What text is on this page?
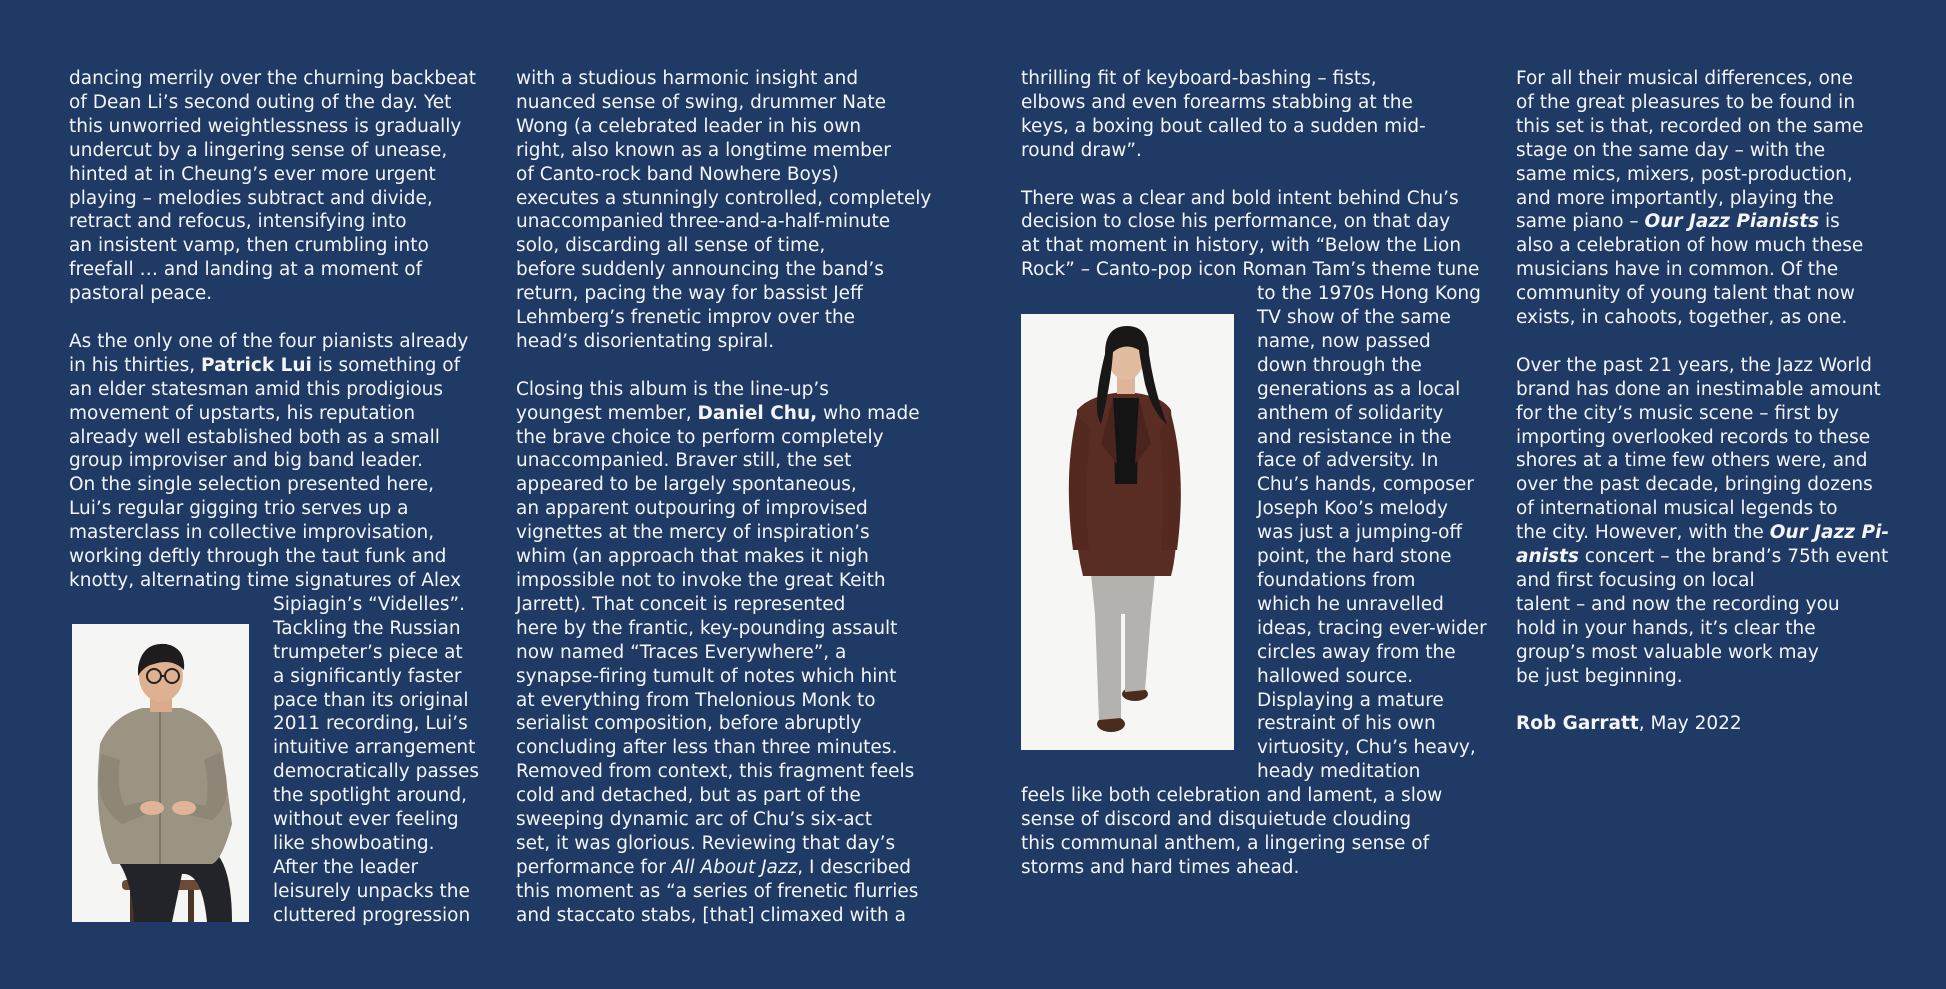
dancing merrily over the churning backbeat
of Dean Li’s second outing of the day. Yet
this unworried weightlessness is gradually
undercut by a lingering sense of unease,
hinted at in Cheung’s ever more urgent
playing – melodies subtract and divide,
retract and refocus, intensifying into
an insistent vamp, then crumbling into
freefall … and landing at a moment of
pastoral peace.

As the only one of the four pianists already
in his thirties, Patrick Lui is something of
an elder statesman amid this prodigious
movement of upstarts, his reputation
already well established both as a small
group improviser and big band leader.
On the single selection presented here,
Lui’s regular gigging trio serves up a
masterclass in collective improvisation,
working deftly through the taut funk and
knotty, alternating time signatures of Alex

Sipiagin’s “Videlles”.
Tackling the Russian
trumpeter’s piece at
a significantly faster
pace than its original
2011 recording, Lui’s
intuitive arrangement
democratically passes
the spotlight around,
without ever feeling
like showboating.
After the leader
leisurely unpacks the
cluttered progression

with a studious harmonic insight and
nuanced sense of swing, drummer Nate
Wong (a celebrated leader in his own
right, also known as a longtime member
of Canto-rock band Nowhere Boys)
executes a stunningly controlled, completely
unaccompanied three-and-a-half-minute
solo, discarding all sense of time,
before suddenly announcing the band’s
return, pacing the way for bassist Jeff
Lehmberg’s frenetic improv over the
head’s disorientating spiral.

Closing this album is the line-up’s
youngest member, Daniel Chu, who made
the brave choice to perform completely
unaccompanied. Braver still, the set
appeared to be largely spontaneous,
an apparent outpouring of improvised
vignettes at the mercy of inspiration’s
whim (an approach that makes it nigh
impossible not to invoke the great Keith
Jarrett). That conceit is represented
here by the frantic, key-pounding assault
now named “Traces Everywhere”, a
synapse-firing tumult of notes which hint
at everything from Thelonious Monk to
serialist composition, before abruptly
concluding after less than three minutes.
Removed from context, this fragment feels
cold and detached, but as part of the
sweeping dynamic arc of Chu’s six-act
set, it was glorious. Reviewing that day’s
performance for All About Jazz, I described
this moment as “a series of frenetic flurries
and staccato stabs, [that] climaxed with a

thrilling fit of keyboard-bashing – fists,
elbows and even forearms stabbing at the
keys, a boxing bout called to a sudden mid-
round draw”.

There was a clear and bold intent behind Chu’s
decision to close his performance, on that day
at that moment in history, with “Below the Lion
Rock” – Canto-pop icon Roman Tam’s theme tune

to the 1970s Hong Kong
TV show of the same
name, now passed
down through the
generations as a local
anthem of solidarity
and resistance in the
face of adversity. In
Chu’s hands, composer
Joseph Koo’s melody
was just a jumping-off
point, the hard stone
foundations from
which he unravelled
ideas, tracing ever-wider
circles away from the
hallowed source.
Displaying a mature
restraint of his own
virtuosity, Chu’s heavy,
heady meditation
feels like both celebration and lament, a slow
sense of discord and disquietude clouding
this communal anthem, a lingering sense of
storms and hard times ahead.

For all their musical differences, one
of the great pleasures to be found in
this set is that, recorded on the same
stage on the same day – with the
same mics, mixers, post-production,
and more importantly, playing the
same piano – Our Jazz Pianists is
also a celebration of how much these
musicians have in common. Of the
community of young talent that now
exists, in cahoots, together, as one.

Over the past 21 years, the Jazz World
brand has done an inestimable amount
for the city’s music scene – first by
importing overlooked records to these
shores at a time few others were, and
over the past decade, bringing dozens
of international musical legends to
the city. However, with the Our Jazz Pi-
anists concert – the brand’s 75th event
and first focusing on local
talent – and now the recording you
hold in your hands, it’s clear the
group’s most valuable work may
be just beginning.

Rob Garratt, May 2022
